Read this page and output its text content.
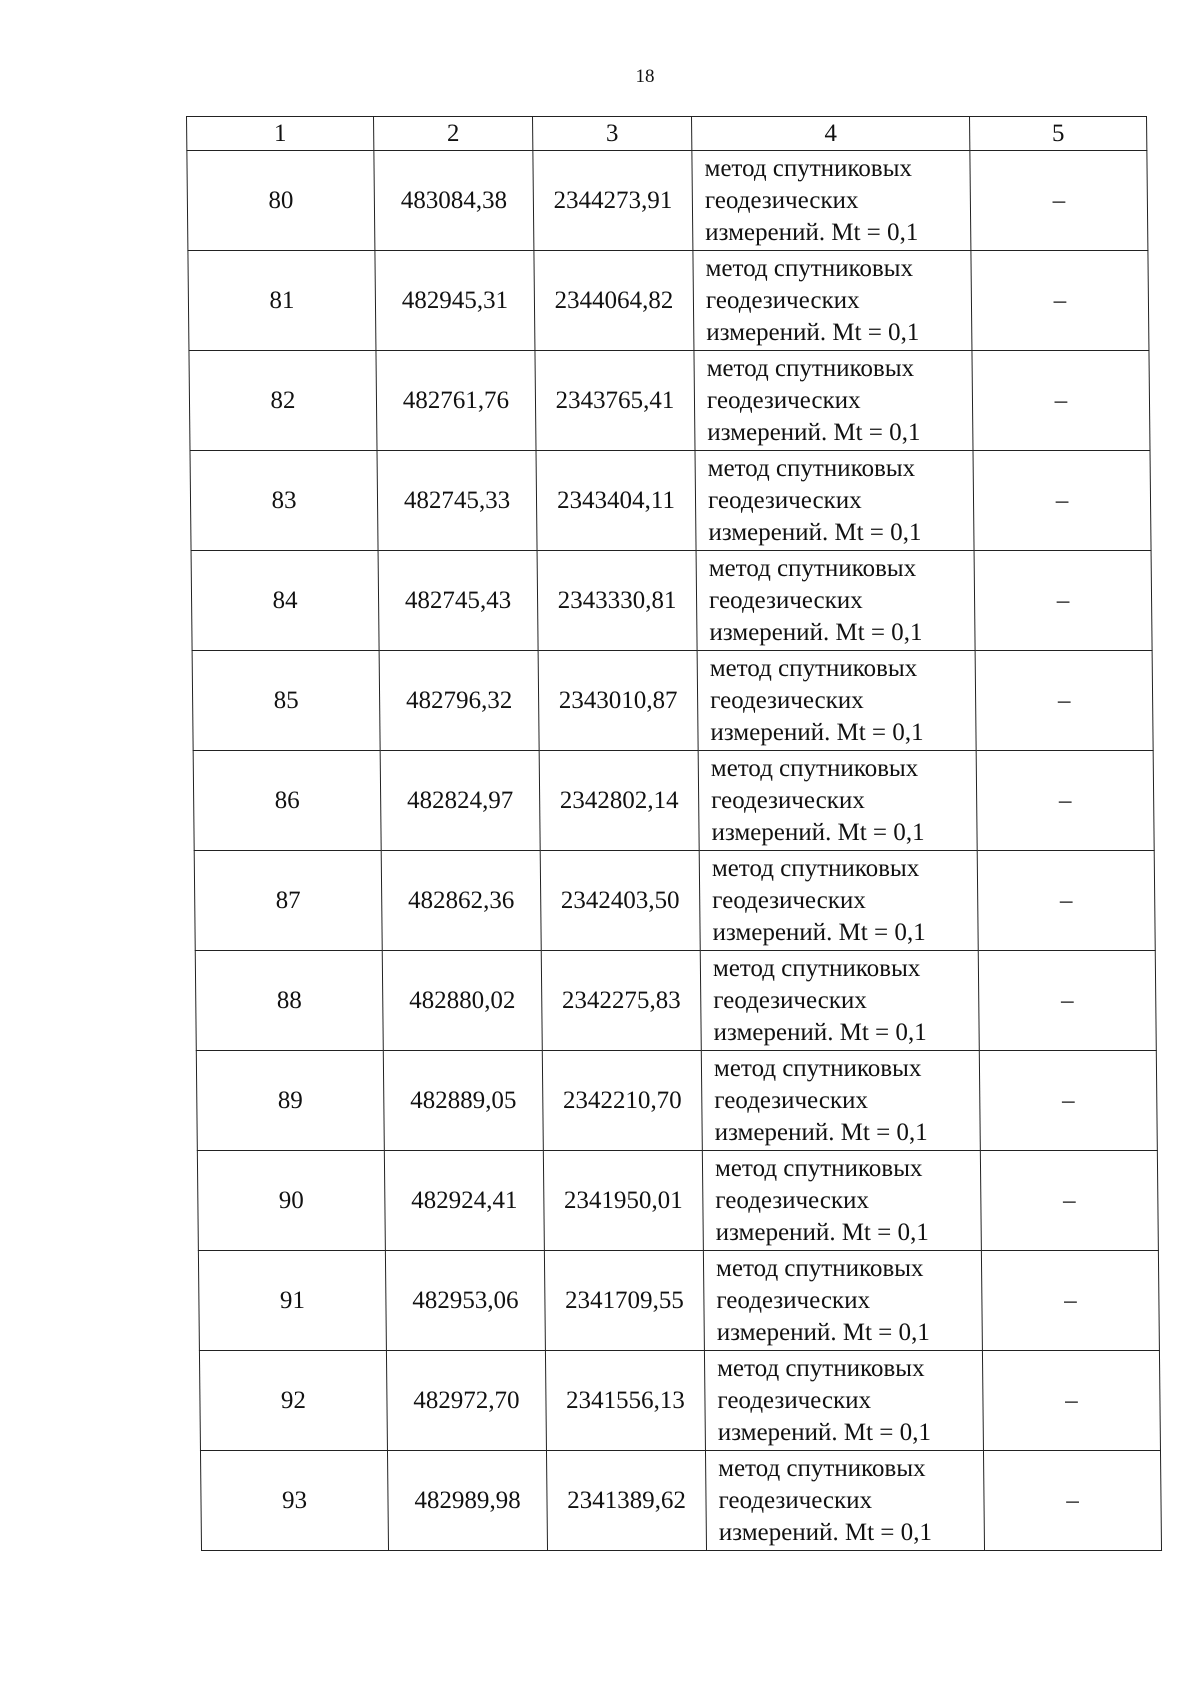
18
1	2	3	4	5
80	483084,38	2344273,91	метод спутниковых
геодезических
измерений. Mt = 0,1	–
81	482945,31	2344064,82	метод спутниковых
геодезических
измерений. Mt = 0,1	–
82	482761,76	2343765,41	метод спутниковых
геодезических
измерений. Mt = 0,1	–
83	482745,33	2343404,11	метод спутниковых
геодезических
измерений. Mt = 0,1	–
84	482745,43	2343330,81	метод спутниковых
геодезических
измерений. Mt = 0,1	–
85	482796,32	2343010,87	метод спутниковых
геодезических
измерений. Mt = 0,1	–
86	482824,97	2342802,14	метод спутниковых
геодезических
измерений. Mt = 0,1	–
87	482862,36	2342403,50	метод спутниковых
геодезических
измерений. Mt = 0,1	–
88	482880,02	2342275,83	метод спутниковых
геодезических
измерений. Mt = 0,1	–
89	482889,05	2342210,70	метод спутниковых
геодезических
измерений. Mt = 0,1	–
90	482924,41	2341950,01	метод спутниковых
геодезических
измерений. Mt = 0,1	–
91	482953,06	2341709,55	метод спутниковых
геодезических
измерений. Mt = 0,1	–
92	482972,70	2341556,13	метод спутниковых
геодезических
измерений. Mt = 0,1	–
93	482989,98	2341389,62	метод спутниковых
геодезических
измерений. Mt = 0,1	–
